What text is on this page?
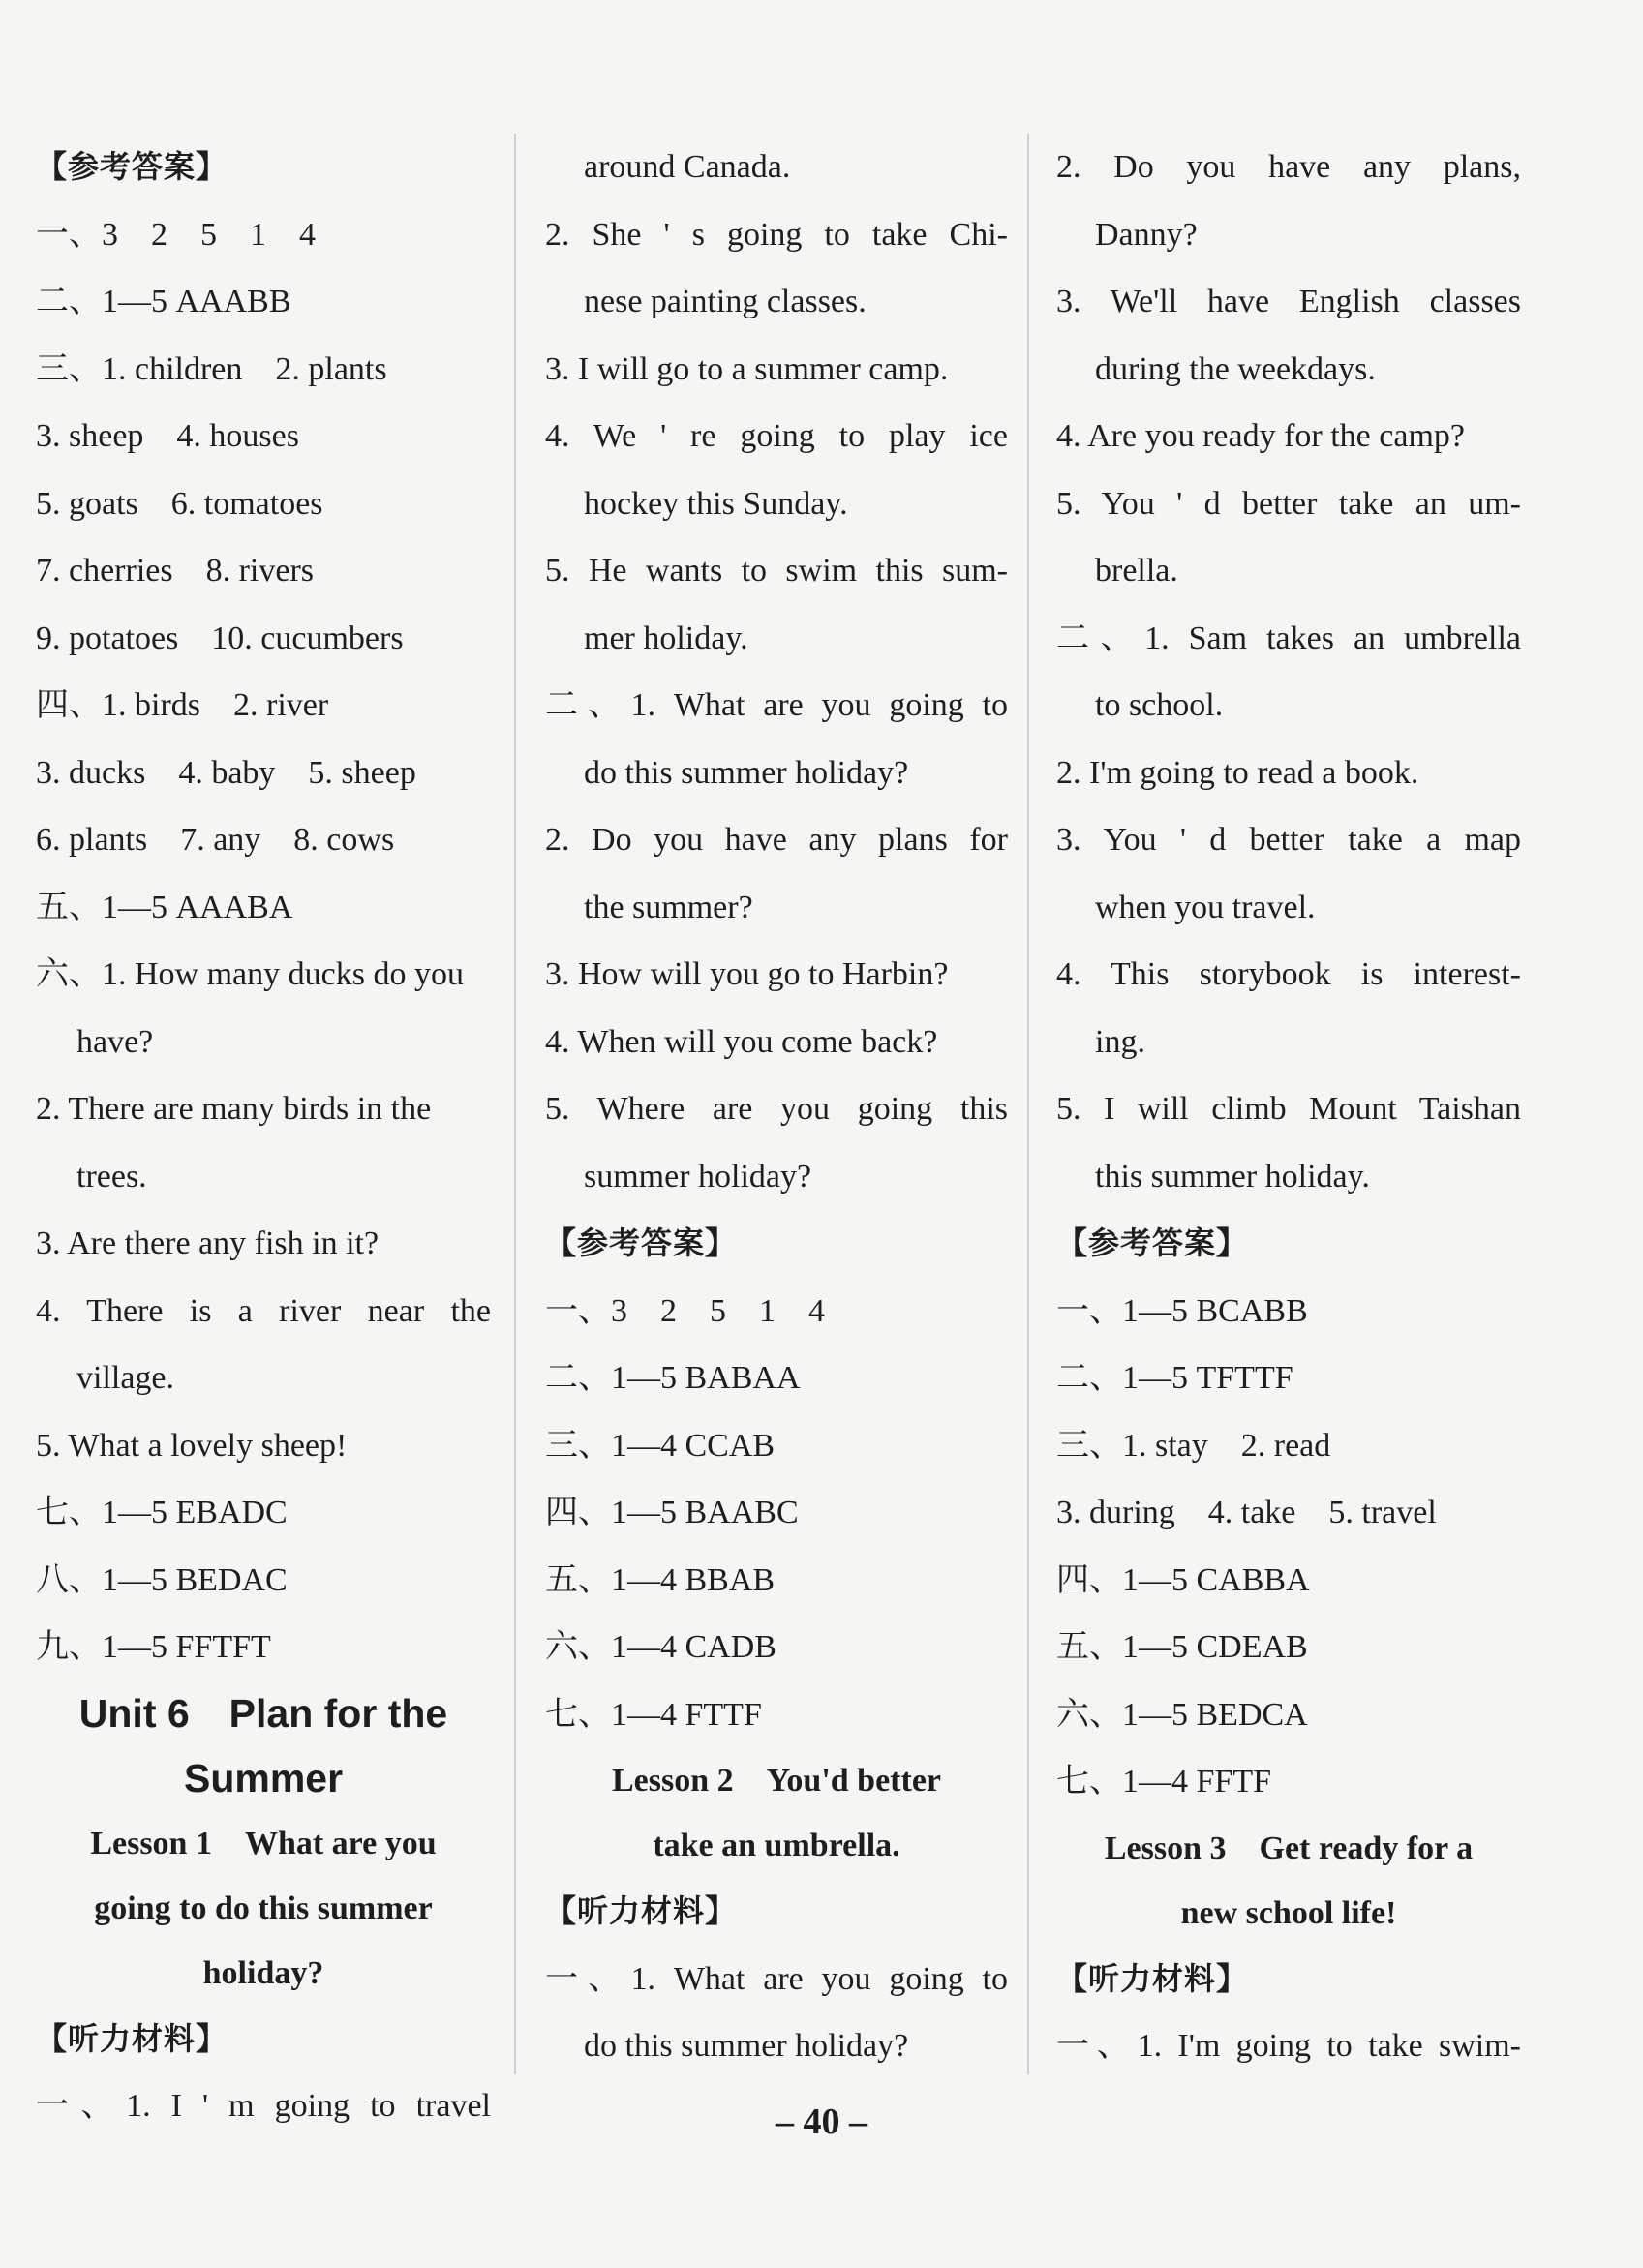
【参考答案】
一、3　2　5　1　4
二、1—5 AAABB
三、1. children　2. plants
3. sheep　4. houses
5. goats　6. tomatoes
7. cherries　8. rivers
9. potatoes　10. cucumbers
四、1. birds　2. river
3. ducks　4. baby　5. sheep
6. plants　7. any　8. cows
五、1—5 AAABA
六、1. How many ducks do you
have?
2. There are many birds in the
trees.
3. Are there any fish in it?
4. There is a river near the
village.
5. What a lovely sheep!
七、1—5 EBADC
八、1—5 BEDAC
九、1—5 FFTFT
Unit 6　Plan for the
Summer
Lesson 1　What are you
going to do this summer
holiday?
【听力材料】
一、1. I ' m going to travel
around Canada.
2. She ' s going to take Chi-
nese painting classes.
3. I will go to a summer camp.
4. We ' re going to play ice
hockey this Sunday.
5. He wants to swim this sum-
mer holiday.
二、1. What are you going to
do this summer holiday?
2. Do you have any plans for
the summer?
3. How will you go to Harbin?
4. When will you come back?
5. Where are you going this
summer holiday?
【参考答案】
一、3　2　5　1　4
二、1—5 BABAA
三、1—4 CCAB
四、1—5 BAABC
五、1—4 BBAB
六、1—4 CADB
七、1—4 FTTF
Lesson 2　You'd better
take an umbrella.
【听力材料】
一、1. What are you going to
do this summer holiday?
2. Do you have any plans,
Danny?
3. We'll have English classes
during the weekdays.
4. Are you ready for the camp?
5. You ' d better take an um-
brella.
二、1. Sam takes an umbrella
to school.
2. I'm going to read a book.
3. You ' d better take a map
when you travel.
4. This storybook is interest-
ing.
5. I will climb Mount Taishan
this summer holiday.
【参考答案】
一、1—5 BCABB
二、1—5 TFTTF
三、1. stay　2. read
3. during　4. take　5. travel
四、1—5 CABBA
五、1—5 CDEAB
六、1—5 BEDCA
七、1—4 FFTF
Lesson 3　Get ready for a
new school life!
【听力材料】
一、1. I'm going to take swim-
– 40 –
